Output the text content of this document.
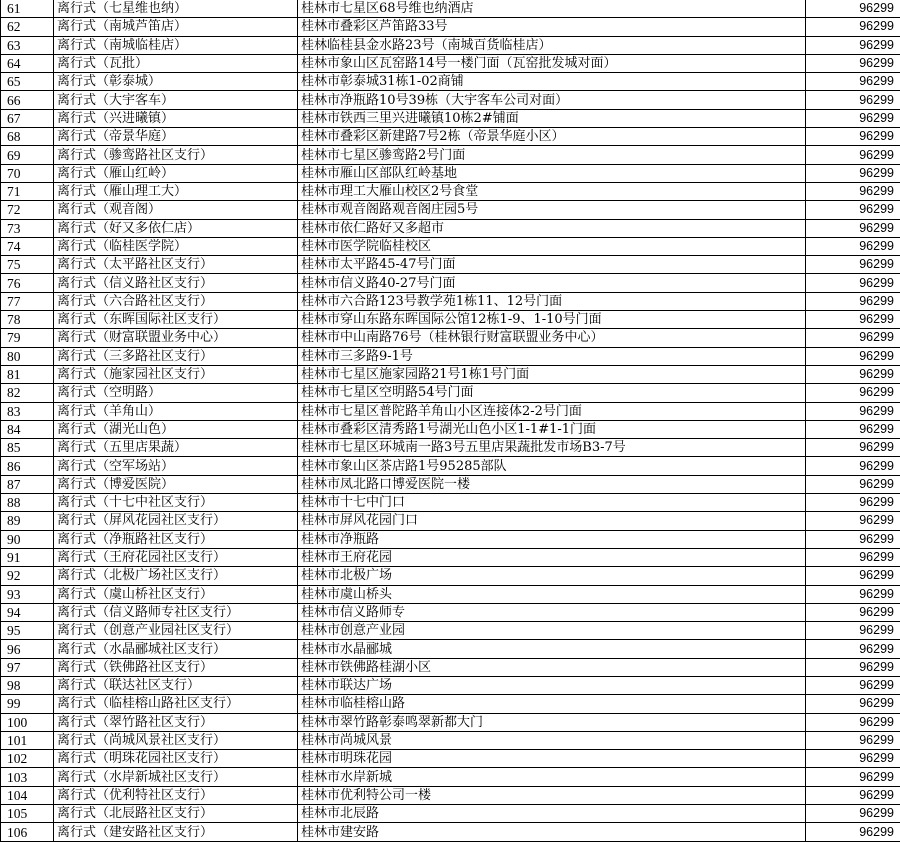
61	离行式（七星维也纳）	桂林市七星区68号维也纳酒店	96299
62	离行式（南城芦笛店）	桂林市叠彩区芦笛路33号	96299
63	离行式（南城临桂店）	桂林临桂县金水路23号（南城百货临桂店）	96299
64	离行式（瓦批）	桂林市象山区瓦窑路14号一楼门面（瓦窑批发城对面）	96299
65	离行式（彰泰城）	桂林市彰泰城31栋1-02商铺	96299
66	离行式（大宇客车）	桂林市净瓶路10号39栋（大宇客车公司对面）	96299
67	离行式（兴进曦镇）	桂林市铁西三里兴进曦镇10栋2#铺面	96299
68	离行式（帝景华庭）	桂林市叠彩区新建路7号2栋（帝景华庭小区）	96299
69	离行式（骖鸾路社区支行）	桂林市七星区骖鸾路2号门面	96299
70	离行式（雁山红岭）	桂林市雁山区部队红岭基地	96299
71	离行式（雁山理工大）	桂林市理工大雁山校区2号食堂	96299
72	离行式（观音阁）	桂林市观音阁路观音阁庄园5号	96299
73	离行式（好又多依仁店）	桂林市依仁路好又多超市	96299
74	离行式（临桂医学院）	桂林市医学院临桂校区	96299
75	离行式（太平路社区支行）	桂林市太平路45-47号门面	96299
76	离行式（信义路社区支行）	桂林市信义路40-27号门面	96299
77	离行式（六合路社区支行）	桂林市六合路123号教学苑1栋11、12号门面	96299
78	离行式（东晖国际社区支行）	桂林市穿山东路东晖国际公馆12栋1-9、1-10号门面	96299
79	离行式（财富联盟业务中心）	桂林市中山南路76号（桂林银行财富联盟业务中心）	96299
80	离行式（三多路社区支行）	桂林市三多路9-1号	96299
81	离行式（施家园社区支行）	桂林市七星区施家园路21号1栋1号门面	96299
82	离行式（空明路）	桂林市七星区空明路54号门面	96299
83	离行式（羊角山）	桂林市七星区普陀路羊角山小区连接体2-2号门面	96299
84	离行式（湖光山色）	桂林市叠彩区清秀路1号湖光山色小区1-1#1-1门面	96299
85	离行式（五里店果蔬）	桂林市七星区环城南一路3号五里店果蔬批发市场B3-7号	96299
86	离行式（空军场站）	桂林市象山区茶店路1号95285部队	96299
87	离行式（博爱医院）	桂林市凤北路口博爱医院一楼	96299
88	离行式（十七中社区支行）	桂林市十七中门口	96299
89	离行式（屏风花园社区支行）	桂林市屏风花园门口	96299
90	离行式（净瓶路社区支行）	桂林市净瓶路	96299
91	离行式（王府花园社区支行）	桂林市王府花园	96299
92	离行式（北极广场社区支行）	桂林市北极广场	96299
93	离行式（虞山桥社区支行）	桂林市虞山桥头	96299
94	离行式（信义路师专社区支行）	桂林市信义路师专	96299
95	离行式（创意产业园社区支行）	桂林市创意产业园	96299
96	离行式（水晶郦城社区支行）	桂林市水晶郦城	96299
97	离行式（铁佛路社区支行）	桂林市铁佛路桂湖小区	96299
98	离行式（联达社区支行）	桂林市联达广场	96299
99	离行式（临桂榕山路社区支行）	桂林市临桂榕山路	96299
100	离行式（翠竹路社区支行）	桂林市翠竹路彰泰鸣翠新都大门	96299
101	离行式（尚城风景社区支行）	桂林市尚城风景	96299
102	离行式（明珠花园社区支行）	桂林市明珠花园	96299
103	离行式（水岸新城社区支行）	桂林市水岸新城	96299
104	离行式（优利特社区支行）	桂林市优利特公司一楼	96299
105	离行式（北辰路社区支行）	桂林市北辰路	96299
106	离行式（建安路社区支行）	桂林市建安路	96299
